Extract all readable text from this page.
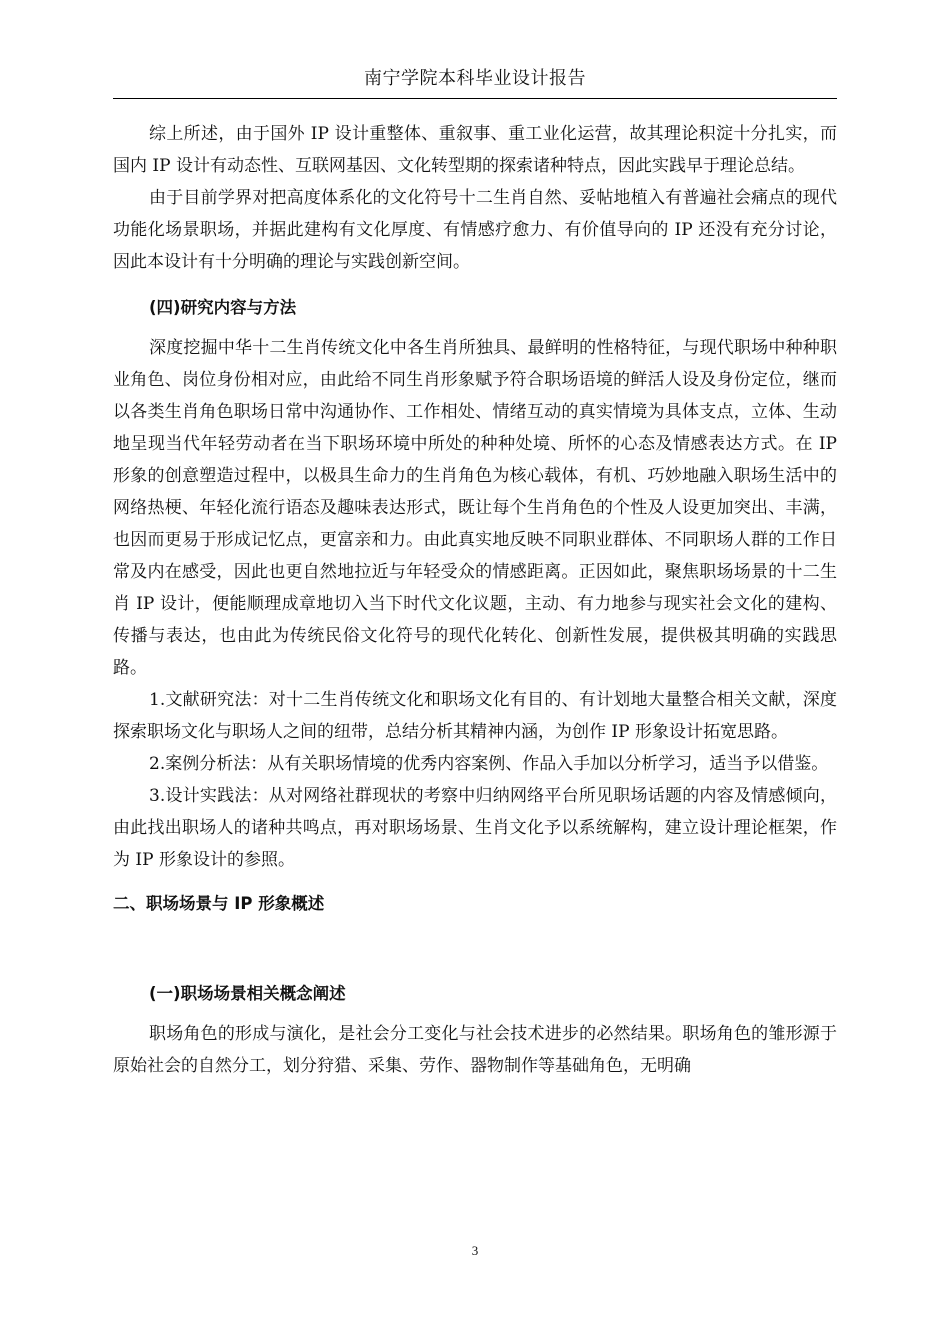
南宁学院本科毕业设计报告

综上所述，由于国外 IP 设计重整体、重叙事、重工业化运营，故其理论积淀十分扎实，而国内 IP 设计有动态性、互联网基因、文化转型期的探索诸种特点，因此实践早于理论总结。

由于目前学界对把高度体系化的文化符号十二生肖自然、妥帖地植入有普遍社会痛点的现代功能化场景职场，并据此建构有文化厚度、有情感疗愈力、有价值导向的 IP 还没有充分讨论，因此本设计有十分明确的理论与实践创新空间。

(四)研究内容与方法

深度挖掘中华十二生肖传统文化中各生肖所独具、最鲜明的性格特征，与现代职场中种种职业角色、岗位身份相对应，由此给不同生肖形象赋予符合职场语境的鲜活人设及身份定位，继而以各类生肖角色职场日常中沟通协作、工作相处、情绪互动的真实情境为具体支点，立体、生动地呈现当代年轻劳动者在当下职场环境中所处的种种处境、所怀的心态及情感表达方式。在 IP 形象的创意塑造过程中，以极具生命力的生肖角色为核心载体，有机、巧妙地融入职场生活中的网络热梗、年轻化流行语态及趣味表达形式，既让每个生肖角色的个性及人设更加突出、丰满，也因而更易于形成记忆点，更富亲和力。由此真实地反映不同职业群体、不同职场人群的工作日常及内在感受，因此也更自然地拉近与年轻受众的情感距离。正因如此，聚焦职场场景的十二生肖 IP 设计，便能顺理成章地切入当下时代文化议题，主动、有力地参与现实社会文化的建构、传播与表达，也由此为传统民俗文化符号的现代化转化、创新性发展，提供极其明确的实践思路。

1.文献研究法：对十二生肖传统文化和职场文化有目的、有计划地大量整合相关文献，深度探索职场文化与职场人之间的纽带，总结分析其精神内涵，为创作 IP 形象设计拓宽思路。

2.案例分析法：从有关职场情境的优秀内容案例、作品入手加以分析学习，适当予以借鉴。

3.设计实践法：从对网络社群现状的考察中归纳网络平台所见职场话题的内容及情感倾向，由此找出职场人的诸种共鸣点，再对职场场景、生肖文化予以系统解构，建立设计理论框架，作为 IP 形象设计的参照。

二、职场场景与 IP 形象概述

(一)职场场景相关概念阐述

职场角色的形成与演化，是社会分工变化与社会技术进步的必然结果。职场角色的雏形源于原始社会的自然分工，划分狩猎、采集、劳作、器物制作等基础角色，无明确

3
